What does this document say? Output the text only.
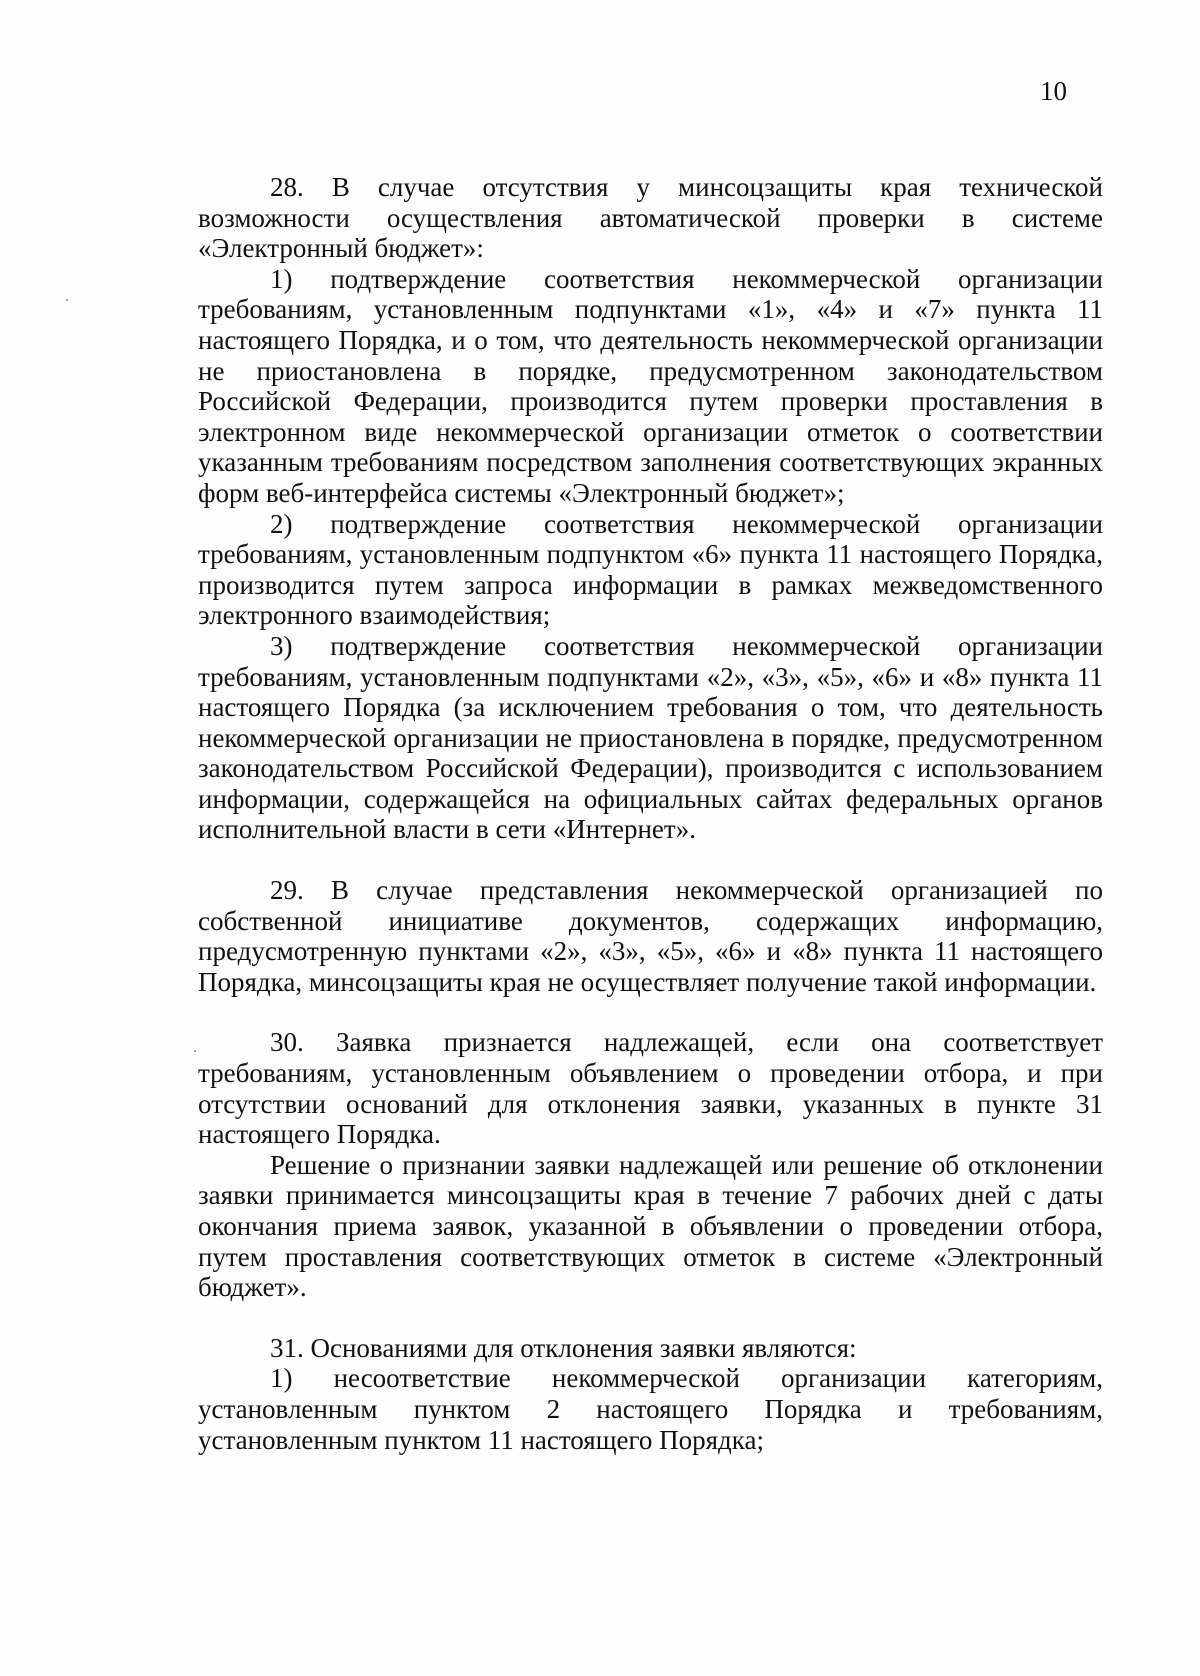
10

28. В случае отсутствия у минсоцзащиты края технической возможности осуществления автоматической проверки в системе «Электронный бюджет»:

1) подтверждение соответствия некоммерческой организации требованиям, установленным подпунктами «1», «4» и «7» пункта 11 настоящего Порядка, и о том, что деятельность некоммерческой организации не приостановлена в порядке, предусмотренном законодательством Российской Федерации, производится путем проверки проставления в электронном виде некоммерческой организации отметок о соответствии указанным требованиям посредством заполнения соответствующих экранных форм веб-интерфейса системы «Электронный бюджет»;

2) подтверждение соответствия некоммерческой организации требованиям, установленным подпунктом «6» пункта 11 настоящего Порядка, производится путем запроса информации в рамках межведомственного электронного взаимодействия;

3) подтверждение соответствия некоммерческой организации требованиям, установленным подпунктами «2», «3», «5», «6» и «8» пункта 11 настоящего Порядка (за исключением требования о том, что деятельность некоммерческой организации не приостановлена в порядке, предусмотренном законодательством Российской Федерации), производится с использованием информации, содержащейся на официальных сайтах федеральных органов исполнительной власти в сети «Интернет».

29. В случае представления некоммерческой организацией по собственной инициативе документов, содержащих информацию, предусмотренную пунктами «2», «3», «5», «6» и «8» пункта 11 настоящего Порядка, минсоцзащиты края не осуществляет получение такой информации.

30. Заявка признается надлежащей, если она соответствует требованиям, установленным объявлением о проведении отбора, и при отсутствии оснований для отклонения заявки, указанных в пункте 31 настоящего Порядка.

Решение о признании заявки надлежащей или решение об отклонении заявки принимается минсоцзащиты края в течение 7 рабочих дней с даты окончания приема заявок, указанной в объявлении о проведении отбора, путем проставления соответствующих отметок в системе «Электронный бюджет».

31. Основаниями для отклонения заявки являются:

1) несоответствие некоммерческой организации категориям, установленным пунктом 2 настоящего Порядка и требованиям, установленным пунктом 11 настоящего Порядка;
